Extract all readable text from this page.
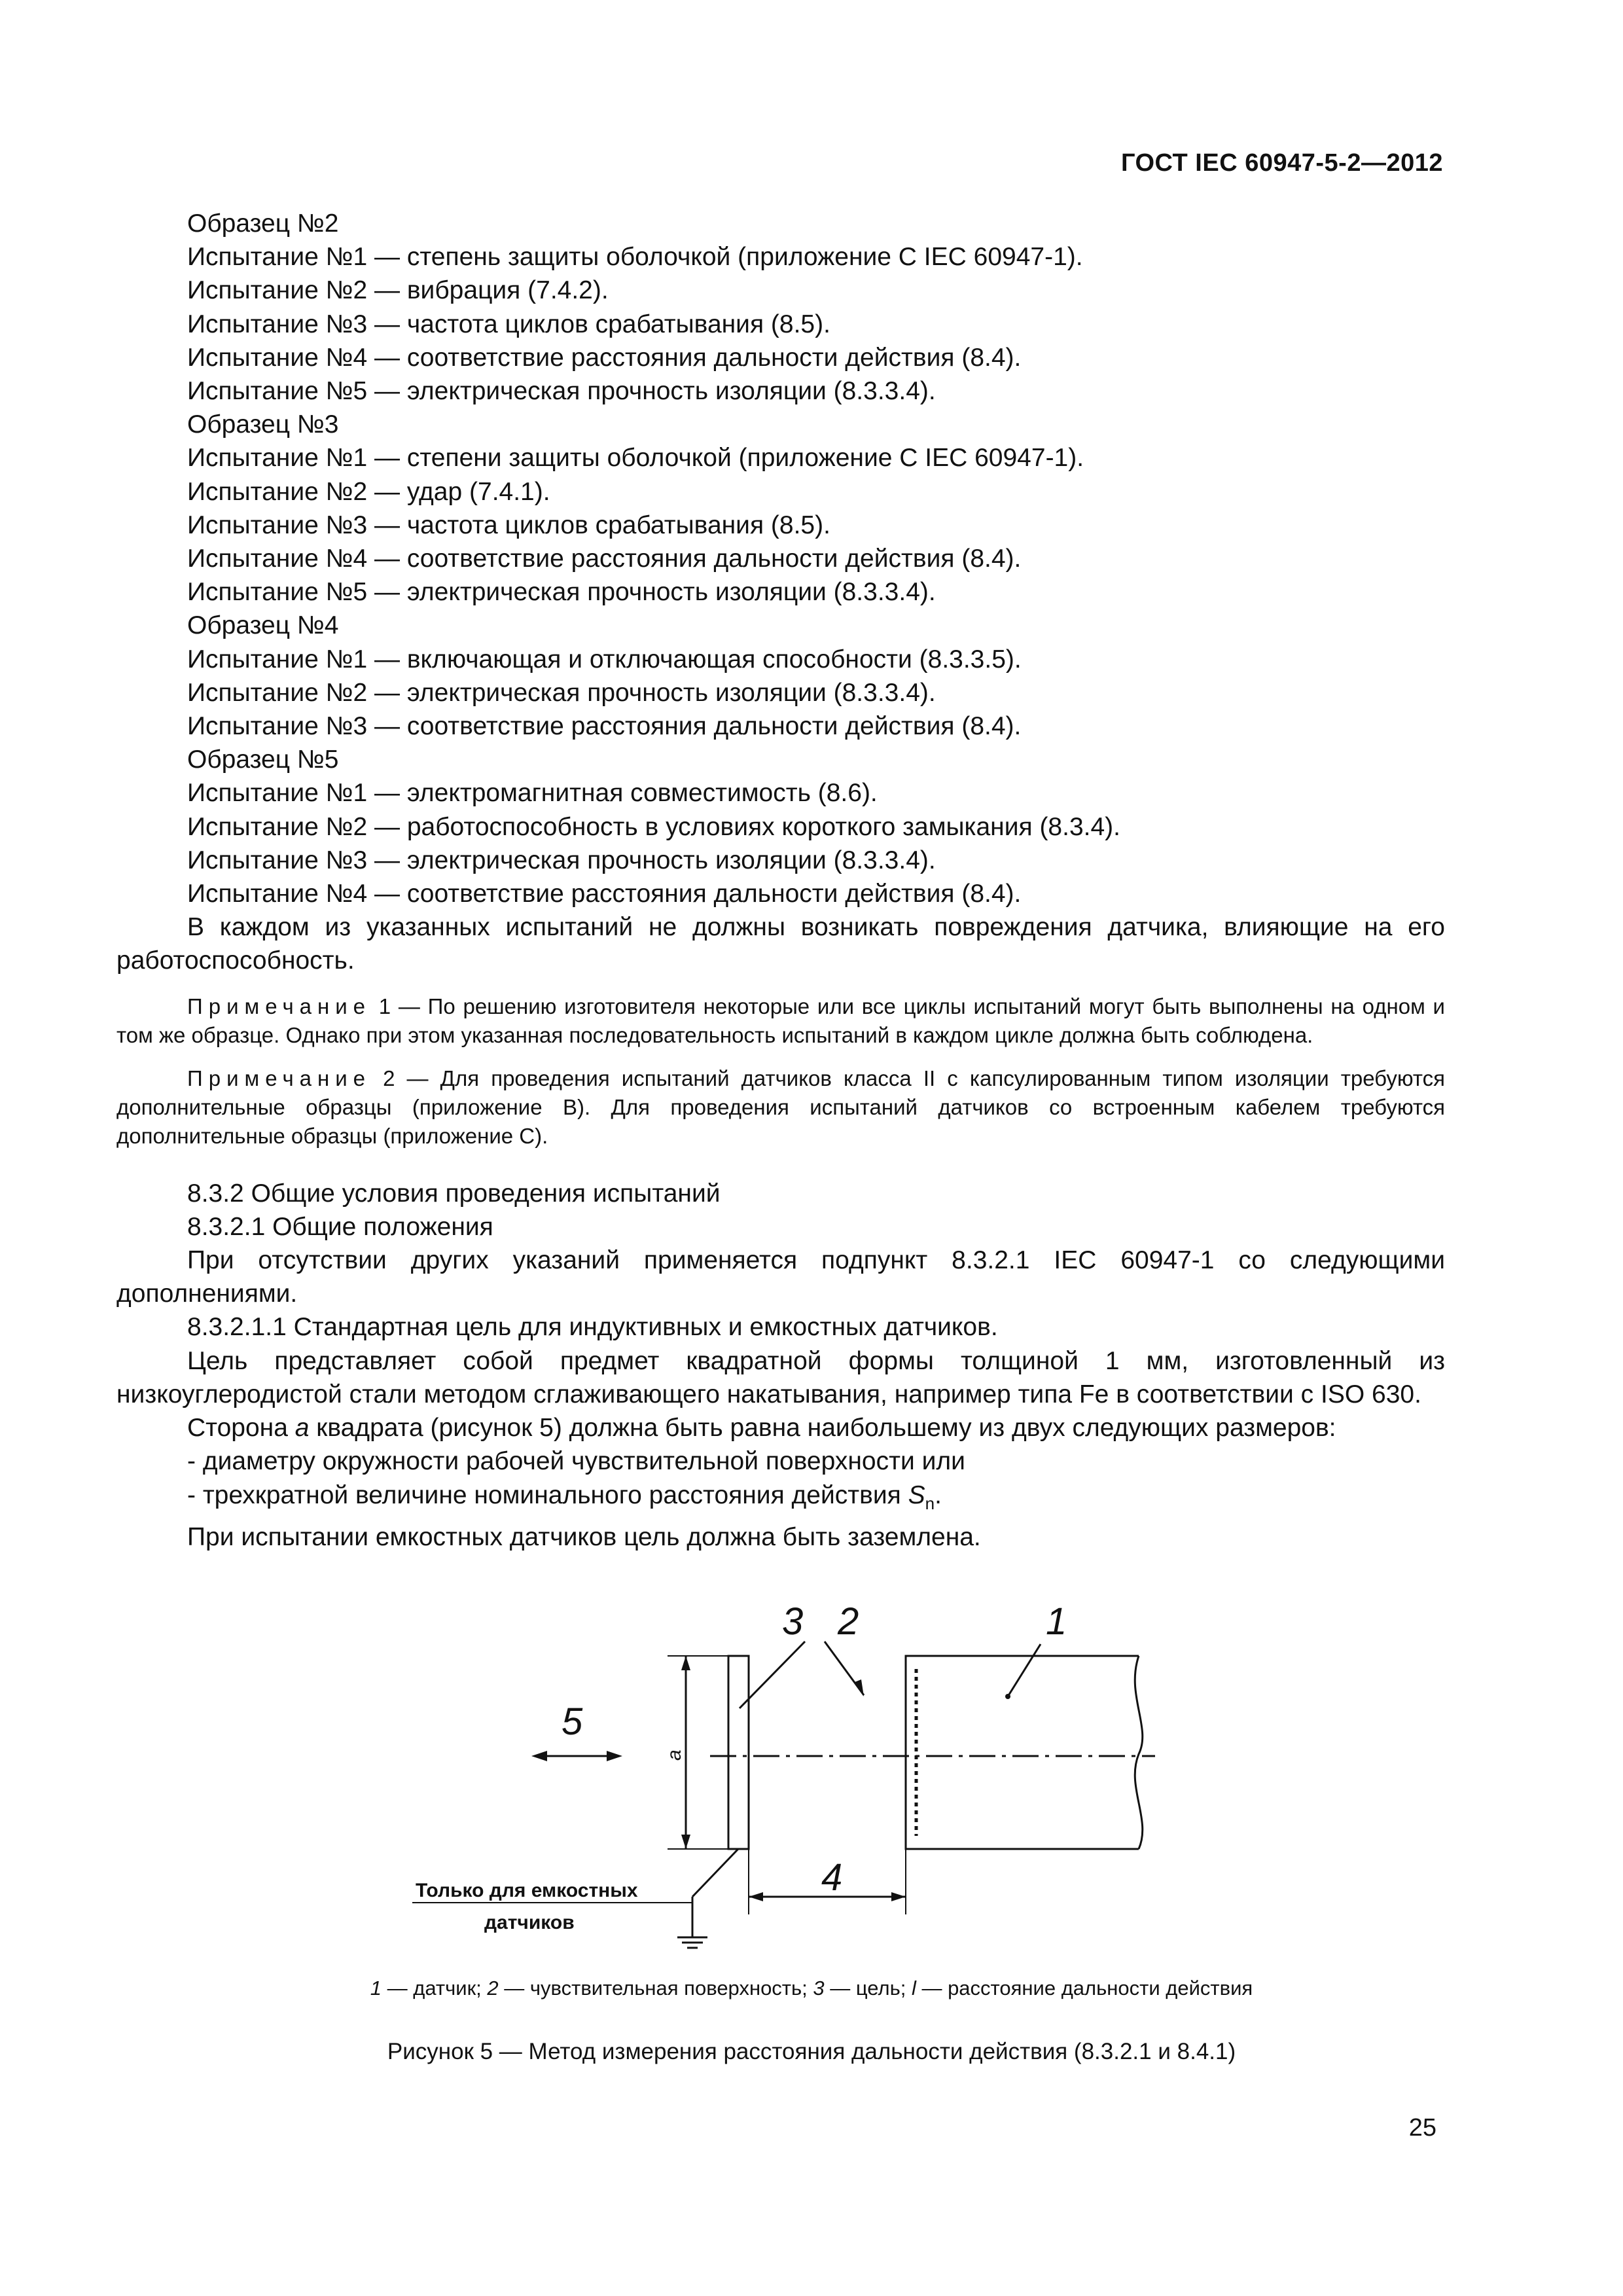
ГОСТ IEC 60947-5-2—2012
Образец №2
Испытание №1 — степень защиты оболочкой (приложение С IEC 60947-1).
Испытание №2 — вибрация (7.4.2).
Испытание №3 — частота циклов срабатывания (8.5).
Испытание №4 — соответствие расстояния дальности действия (8.4).
Испытание №5 — электрическая прочность изоляции (8.3.3.4).
Образец №3
Испытание №1 — степени защиты оболочкой (приложение С IEC 60947-1).
Испытание №2 — удар (7.4.1).
Испытание №3 — частота циклов срабатывания (8.5).
Испытание №4 — соответствие расстояния дальности действия (8.4).
Испытание №5 — электрическая прочность изоляции (8.3.3.4).
Образец №4
Испытание №1 — включающая и отключающая способности (8.3.3.5).
Испытание №2 — электрическая прочность изоляции (8.3.3.4).
Испытание №3 — соответствие расстояния дальности действия (8.4).
Образец №5
Испытание №1 — электромагнитная совместимость (8.6).
Испытание №2 — работоспособность в условиях короткого замыкания (8.3.4).
Испытание №3 — электрическая прочность изоляции (8.3.3.4).
Испытание №4 — соответствие расстояния дальности действия (8.4).
В каждом из указанных испытаний не должны возникать повреждения датчика, влияющие на его работоспособность.
Примечание 1 — По решению изготовителя некоторые или все циклы испытаний могут быть выполнены на одном и том же образце. Однако при этом указанная последовательность испытаний в каждом цикле должна быть соблюдена.
Примечание 2 — Для проведения испытаний датчиков класса II с капсулированным типом изоляции требуются дополнительные образцы (приложение В). Для проведения испытаний датчиков со встроенным кабелем требуются дополнительные образцы (приложение С).
8.3.2 Общие условия проведения испытаний
8.3.2.1 Общие положения
При отсутствии других указаний применяется подпункт 8.3.2.1 IEC 60947-1 со следующими дополнениями.
8.3.2.1.1 Стандартная цель для индуктивных и емкостных датчиков.
Цель представляет собой предмет квадратной формы толщиной 1 мм, изготовленный из низкоуглеродистой стали методом сглаживающего накатывания, например типа Fe в соответствии с ISO 630.
Сторона a квадрата (рисунок 5) должна быть равна наибольшему из двух следующих размеров:
- диаметру окружности рабочей чувствительной поверхности или
- трехкратной величине номинального расстояния действия $S_n$.
При испытании емкостных датчиков цель должна быть заземлена.
3 2	1
5
4
a
Только для емкостных
датчиков
1 — датчик; 2 — чувствительная поверхность; 3 — цель; l — расстояние дальности действия
Рисунок 5 — Метод измерения расстояния дальности действия (8.3.2.1 и 8.4.1)
25
